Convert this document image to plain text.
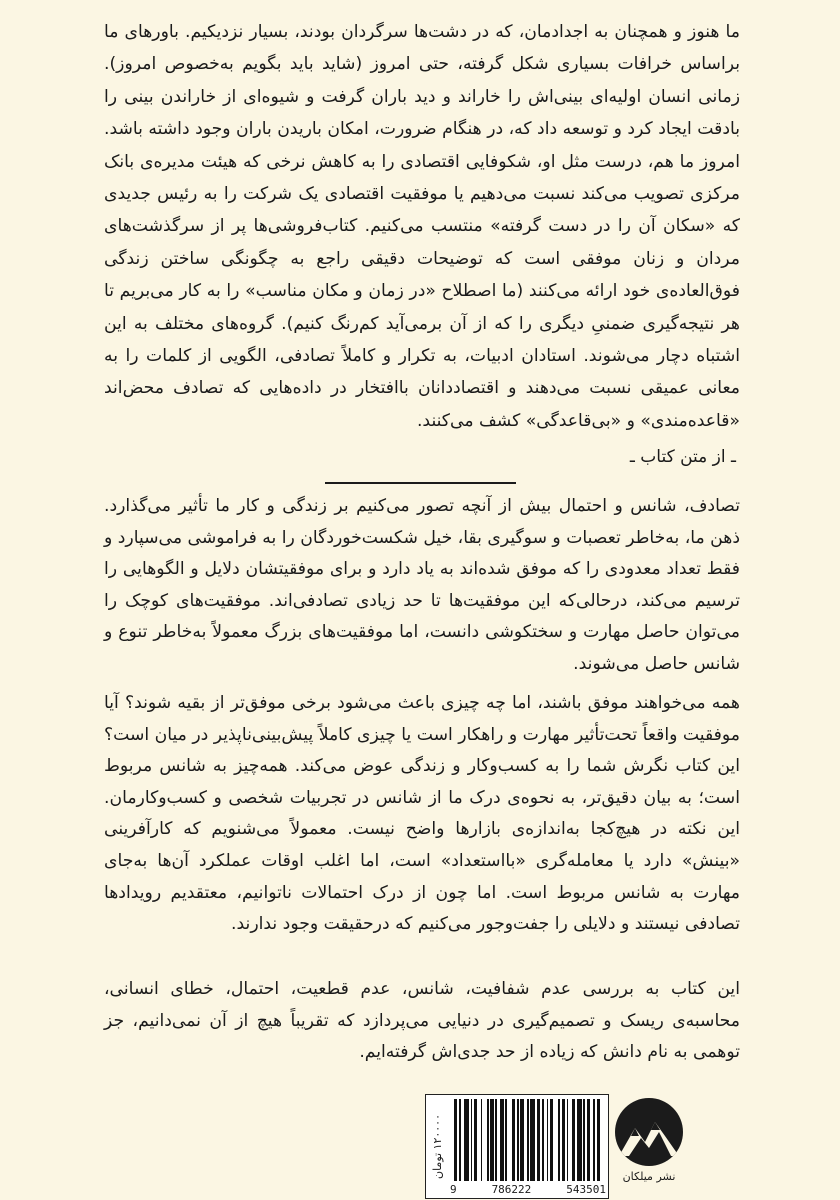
ما هنوز و همچنان به اجدادمان، که در دشت‌ها سرگردان بودند، بسیار نزدیکیم. باورهای ما براساس خرافات بسیاری شکل گرفته، حتی امروز (شاید باید بگویم به‌خصوص امروز). زمانی انسان اولیه‌ای بینی‌اش را خاراند و دید باران گرفت و شیوه‌ای از خاراندن بینی را بادقت ایجاد کرد و توسعه داد که، در هنگام ضرورت، امکان باریدن باران وجود داشته باشد. امروز ما هم، درست مثل او، شکوفایی اقتصادی را به کاهش نرخی که هیئت مدیره‌ی بانک مرکزی تصویب می‌کند نسبت می‌دهیم یا موفقیت اقتصادی یک شرکت را به رئیس جدیدی که «سکان آن را در دست گرفته» منتسب می‌کنیم. کتاب‌فروشی‌ها پر از سرگذشت‌های مردان و زنان موفقی است که توضیحات دقیقی راجع به چگونگی ساختن زندگی فوق‌العاده‌ی خود ارائه می‌کنند (ما اصطلاح «در زمان و مکان مناسب» را به کار می‌بریم تا هر نتیجه‌گیری ضمنیِ دیگری را که از آن برمی‌آید کم‌رنگ کنیم). گروه‌های مختلف به این اشتباه دچار می‌شوند. استادان ادبیات، به تکرار و کاملاً تصادفی، الگویی از کلمات را به معانی عمیقی نسبت می‌دهند و اقتصاددانان باافتخار در داده‌هایی که تصادف محض‌اند «قاعده‌مندی» و «بی‌قاعدگی» کشف می‌کنند.

ـ از متن کتاب ـ

تصادف، شانس و احتمال بیش از آنچه تصور می‌کنیم بر زندگی و کار ما تأثیر می‌گذارد. ذهن ما، به‌خاطر تعصبات و سوگیری بقا، خیل شکست‌خوردگان را به فراموشی می‌سپارد و فقط تعداد معدودی را که موفق شده‌اند به یاد دارد و برای موفقیتشان دلایل و الگوهایی را ترسیم می‌کند، درحالی‌که این موفقیت‌ها تا حد زیادی تصادفی‌اند. موفقیت‌های کوچک را می‌توان حاصل مهارت و سختکوشی دانست، اما موفقیت‌های بزرگ معمولاً به‌خاطر تنوع و شانس حاصل می‌شوند.

همه می‌خواهند موفق باشند، اما چه چیزی باعث می‌شود برخی موفق‌تر از بقیه شوند؟ آیا موفقیت واقعاً تحت‌تأثیر مهارت و راهکار است یا چیزی کاملاً پیش‌بینی‌ناپذیر در میان است؟ این کتاب نگرش شما را به کسب‌وکار و زندگی عوض می‌کند. همه‌چیز به شانس مربوط است؛ به بیان دقیق‌تر، به نحوه‌ی درک ما از شانس در تجربیات شخصی و کسب‌وکارمان. این نکته در هیچ‌کجا به‌اندازه‌ی بازارها واضح نیست. معمولاً می‌شنویم که کارآفرینی «بینش» دارد یا معامله‌گری «بااستعداد» است، اما اغلب اوقات عملکرد آن‌ها به‌جای مهارت به شانس مربوط است. اما چون از درک احتمالات ناتوانیم، معتقدیم رویدادها تصادفی نیستند و دلایلی را جفت‌وجور می‌کنیم که درحقیقت وجود ندارند.

این کتاب به بررسی عدم شفافیت، شانس، عدم قطعیت، احتمال، خطای انسانی، محاسبه‌ی ریسک و تصمیم‌گیری در دنیایی می‌پردازد که تقریباً هیچ از آن نمی‌دانیم، جز توهمی به نام دانش که زیاده از حد جدی‌اش گرفته‌ایم.

۱۲۰۰۰۰ تومان
9	786222	543501
نشر میلکان
